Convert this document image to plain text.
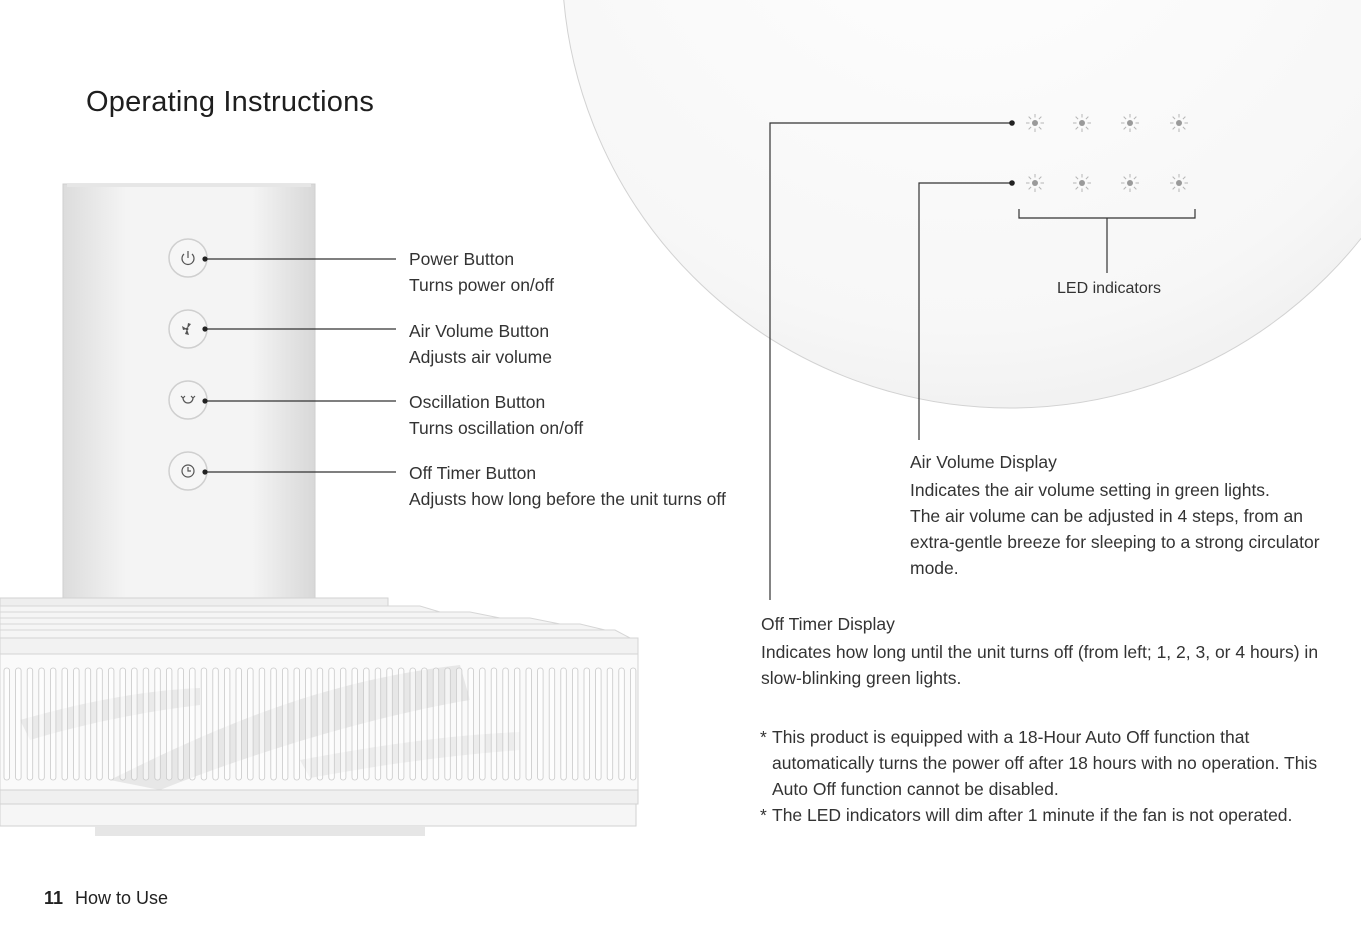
Operating Instructions
Power Button
Turns power on/off
Air Volume Button
Adjusts air volume
Oscillation Button
Turns oscillation on/off
Off Timer Button
Adjusts how long before the unit turns off
LED indicators
Air Volume Display
Indicates the air volume setting in green lights.
The air volume can be adjusted in 4 steps, from an extra-gentle breeze for sleeping to a strong circulator mode.
Off Timer Display
Indicates how long until the unit turns off (from left; 1, 2, 3, or 4 hours) in slow-blinking green lights.
* This product is equipped with a 18-Hour Auto Off function that automatically turns the power off after 18 hours with no operation. This Auto Off function cannot be disabled.
* The LED indicators will dim after 1 minute if the fan is not operated.
11 How to Use
